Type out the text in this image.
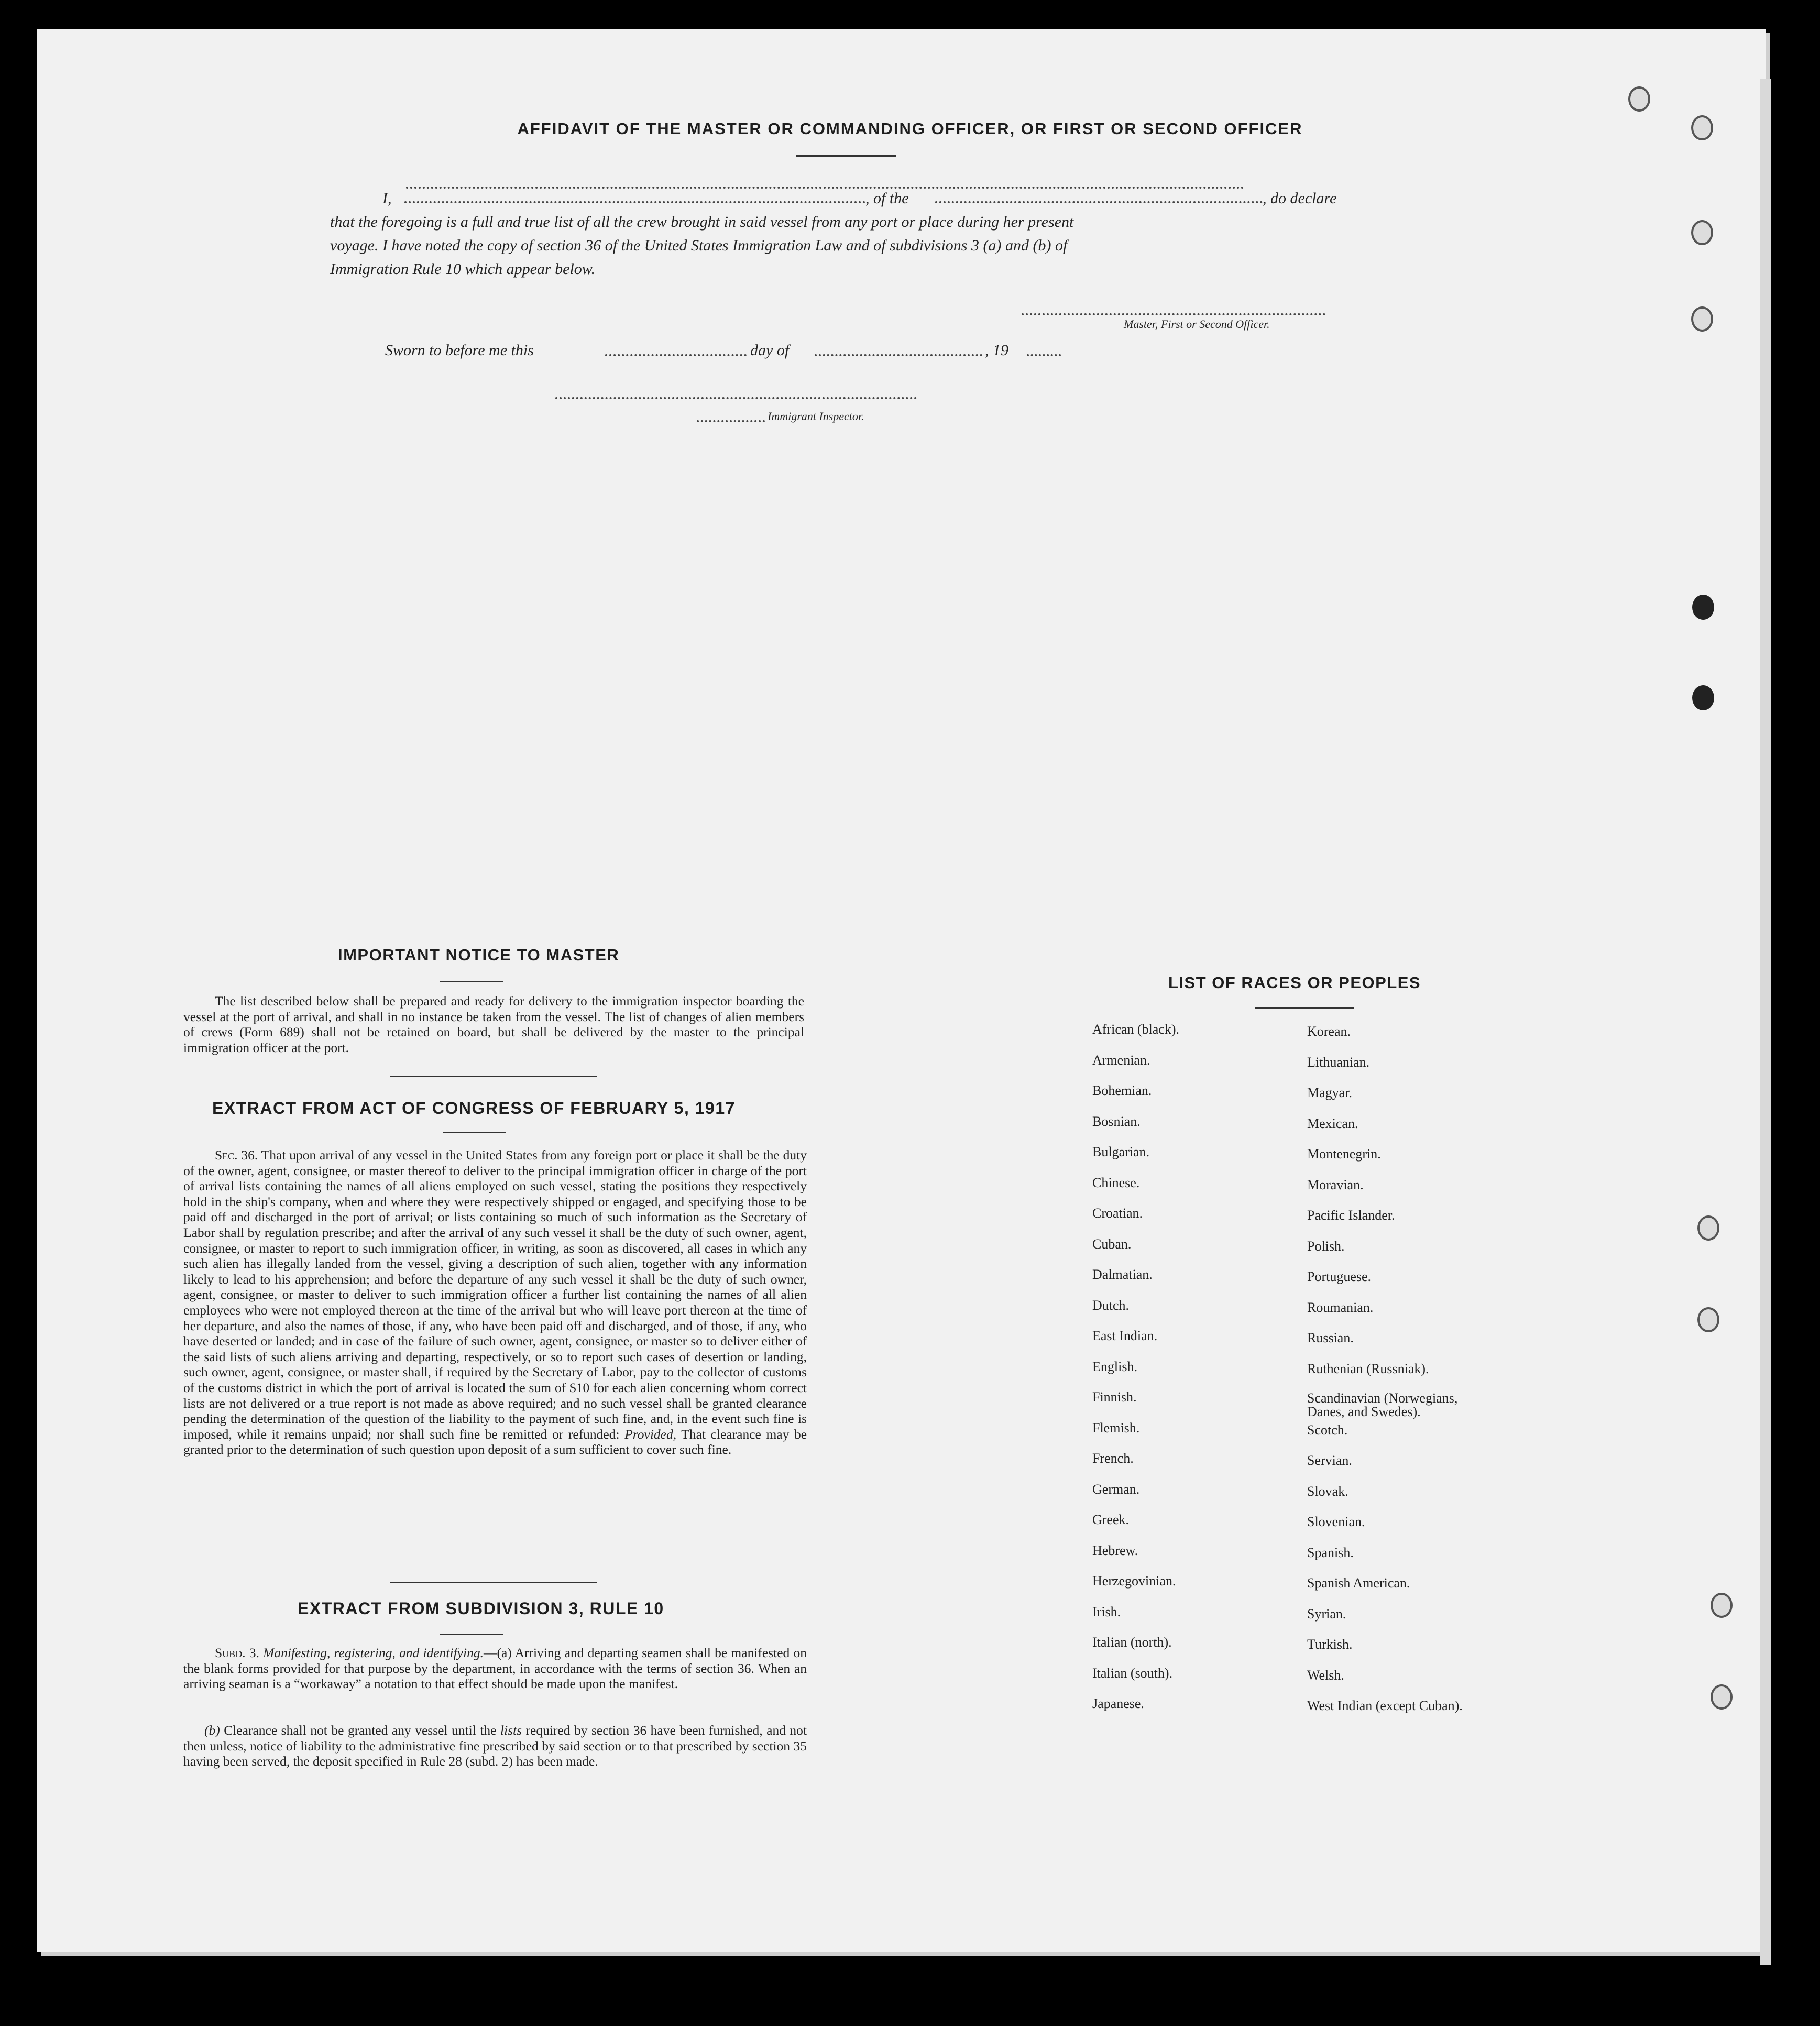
AFFIDAVIT OF THE MASTER OR COMMANDING OFFICER, OR FIRST OR SECOND OFFICER
I,	, of the	, do declare
that the foregoing is a full and true list of all the crew brought in said vessel from any port or place during her present
voyage. I have noted the copy of section 36 of the United States Immigration Law and of subdivisions 3 (a) and (b) of
Immigration Rule 10 which appear below.
Master, First or Second Officer.
Sworn to before me this	day of	, 19
Immigrant Inspector.
IMPORTANT NOTICE TO MASTER
The list described below shall be prepared and ready for delivery to the immigration inspector boarding the vessel at the port of arrival, and shall in no instance be taken from the vessel. The list of changes of alien members of crews (Form 689) shall not be retained on board, but shall be delivered by the master to the principal immigration officer at the port.
EXTRACT FROM ACT OF CONGRESS OF FEBRUARY 5, 1917
Sec. 36. That upon arrival of any vessel in the United States from any foreign port or place it shall be the duty of the owner, agent, consignee, or master thereof to deliver to the principal immigration officer in charge of the port of arrival lists containing the names of all aliens employed on such vessel, stating the positions they respectively hold in the ship's company, when and where they were respectively shipped or engaged, and specifying those to be paid off and discharged in the port of arrival; or lists containing so much of such information as the Secretary of Labor shall by regulation prescribe; and after the arrival of any such vessel it shall be the duty of such owner, agent, consignee, or master to report to such immigration officer, in writing, as soon as discovered, all cases in which any such alien has illegally landed from the vessel, giving a description of such alien, together with any information likely to lead to his apprehension; and before the departure of any such vessel it shall be the duty of such owner, agent, consignee, or master to deliver to such immigration officer a further list containing the names of all alien employees who were not employed thereon at the time of the arrival but who will leave port thereon at the time of her departure, and also the names of those, if any, who have been paid off and discharged, and of those, if any, who have deserted or landed; and in case of the failure of such owner, agent, consignee, or master so to deliver either of the said lists of such aliens arriving and departing, respectively, or so to report such cases of desertion or landing, such owner, agent, consignee, or master shall, if required by the Secretary of Labor, pay to the collector of customs of the customs district in which the port of arrival is located the sum of $10 for each alien concerning whom correct lists are not delivered or a true report is not made as above required; and no such vessel shall be granted clearance pending the determination of the question of the liability to the payment of such fine, and, in the event such fine is imposed, while it remains unpaid; nor shall such fine be remitted or refunded: Provided, That clearance may be granted prior to the determination of such question upon deposit of a sum sufficient to cover such fine.
EXTRACT FROM SUBDIVISION 3, RULE 10
Subd. 3. Manifesting, registering, and identifying.—(a) Arriving and departing seamen shall be manifested on the blank forms provided for that purpose by the department, in accordance with the terms of section 36. When an arriving seaman is a “workaway” a notation to that effect should be made upon the manifest.
(b) Clearance shall not be granted any vessel until the lists required by section 36 have been furnished, and not then unless, notice of liability to the administrative fine prescribed by said section or to that prescribed by section 35 having been served, the deposit specified in Rule 28 (subd. 2) has been made.
LIST OF RACES OR PEOPLES
African (black).
Armenian.
Bohemian.
Bosnian.
Bulgarian.
Chinese.
Croatian.
Cuban.
Dalmatian.
Dutch.
East Indian.
English.
Finnish.
Flemish.
French.
German.
Greek.
Hebrew.
Herzegovinian.
Irish.
Italian (north).
Italian (south).
Japanese.
Korean.
Lithuanian.
Magyar.
Mexican.
Montenegrin.
Moravian.
Pacific Islander.
Polish.
Portuguese.
Roumanian.
Russian.
Ruthenian (Russniak).
Scandinavian (Norwegians, Danes, and Swedes).
Scotch.
Servian.
Slovak.
Slovenian.
Spanish.
Spanish American.
Syrian.
Turkish.
Welsh.
West Indian (except Cuban).
